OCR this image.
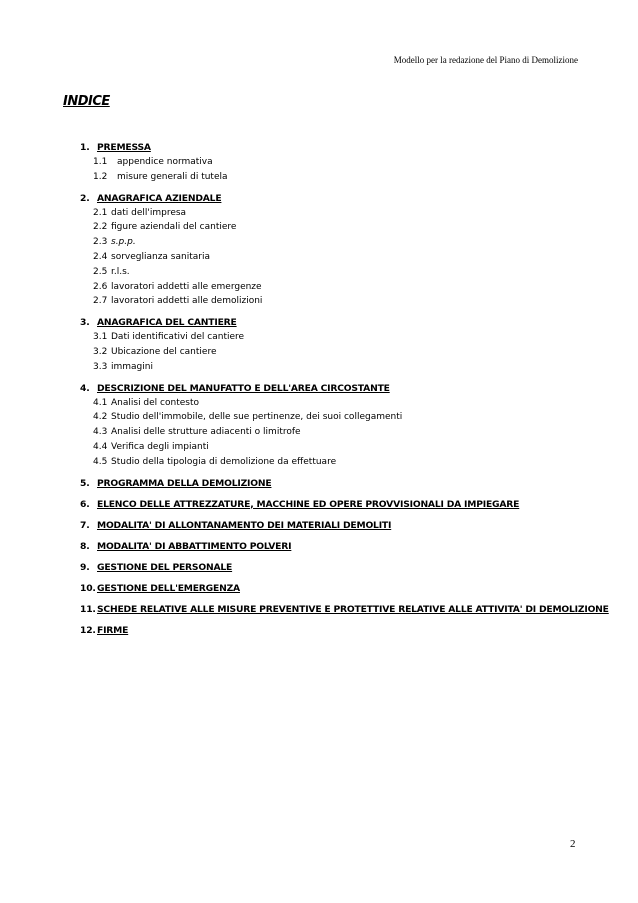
Modello per la redazione del Piano di Demolizione
INDICE
1. PREMESSA
1.1 appendice normativa
1.2 misure generali di tutela
2. ANAGRAFICA AZIENDALE
2.1 dati dell'impresa
2.2 figure aziendali del cantiere
2.3 s.p.p.
2.4 sorveglianza sanitaria
2.5 r.l.s.
2.6 lavoratori addetti alle emergenze
2.7 lavoratori addetti alle demolizioni
3. ANAGRAFICA DEL CANTIERE
3.1 Dati identificativi del cantiere
3.2 Ubicazione del cantiere
3.3 immagini
4. DESCRIZIONE DEL MANUFATTO E DELL'AREA CIRCOSTANTE
4.1 Analisi del contesto
4.2 Studio dell'immobile, delle sue pertinenze, dei suoi collegamenti
4.3 Analisi delle strutture adiacenti o limitrofe
4.4 Verifica degli impianti
4.5 Studio della tipologia di demolizione da effettuare
5. PROGRAMMA DELLA DEMOLIZIONE
6. ELENCO DELLE ATTREZZATURE, MACCHINE ED OPERE PROVVISIONALI DA IMPIEGARE
7. MODALITA' DI ALLONTANAMENTO DEI MATERIALI DEMOLITI
8. MODALITA' DI ABBATTIMENTO POLVERI
9. GESTIONE DEL PERSONALE
10.GESTIONE DELL'EMERGENZA
11.SCHEDE RELATIVE ALLE MISURE PREVENTIVE E PROTETTIVE RELATIVE ALLE ATTIVITA' DI DEMOLIZIONE
12.FIRME
2
